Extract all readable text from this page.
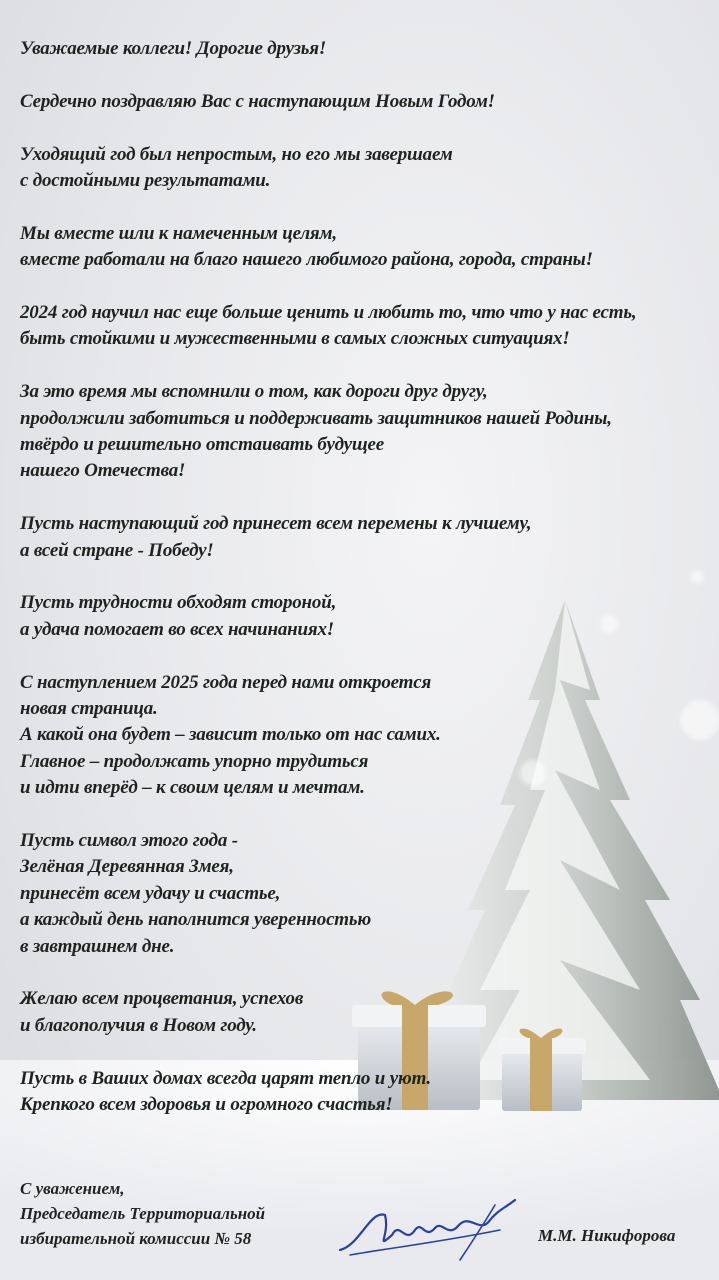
Уважаемые коллеги! Дорогие друзья!
Сердечно поздравляю Вас с наступающим Новым Годом!
Уходящий год был непростым, но его мы завершаем
с достойными результатами.
Мы вместе шли к намеченным целям,
вместе работали на благо нашего любимого района, города, страны!
2024 год научил нас еще больше ценить и любить то, что что у нас есть,
быть стойкими и мужественными в самых сложных ситуациях!
За это время мы вспомнили о том, как дороги друг другу,
продолжили заботиться и поддерживать защитников нашей Родины,
твёрдо и решительно отстаивать будущее
нашего Отечества!
Пусть наступающий год принесет всем перемены к лучшему,
а всей стране - Победу!
Пусть трудности обходят стороной,
а удача помогает во всех начинаниях!
С наступлением 2025 года перед нами откроется
новая страница.
А какой она будет – зависит только от нас самих.
Главное – продолжать упорно трудиться
и идти вперёд – к своим целям и мечтам.
Пусть символ этого года -
Зелёная Деревянная Змея,
принесёт всем удачу и счастье,
а каждый день наполнится уверенностью
в завтрашнем дне.
Желаю всем процветания, успехов
и благополучия в Новом году.
Пусть в Ваших домах всегда царят тепло и уют.
Крепкого всем здоровья и огромного счастья!
С уважением,
Председатель Территориальной
избирательной комиссии № 58	М.М. Никифорова
